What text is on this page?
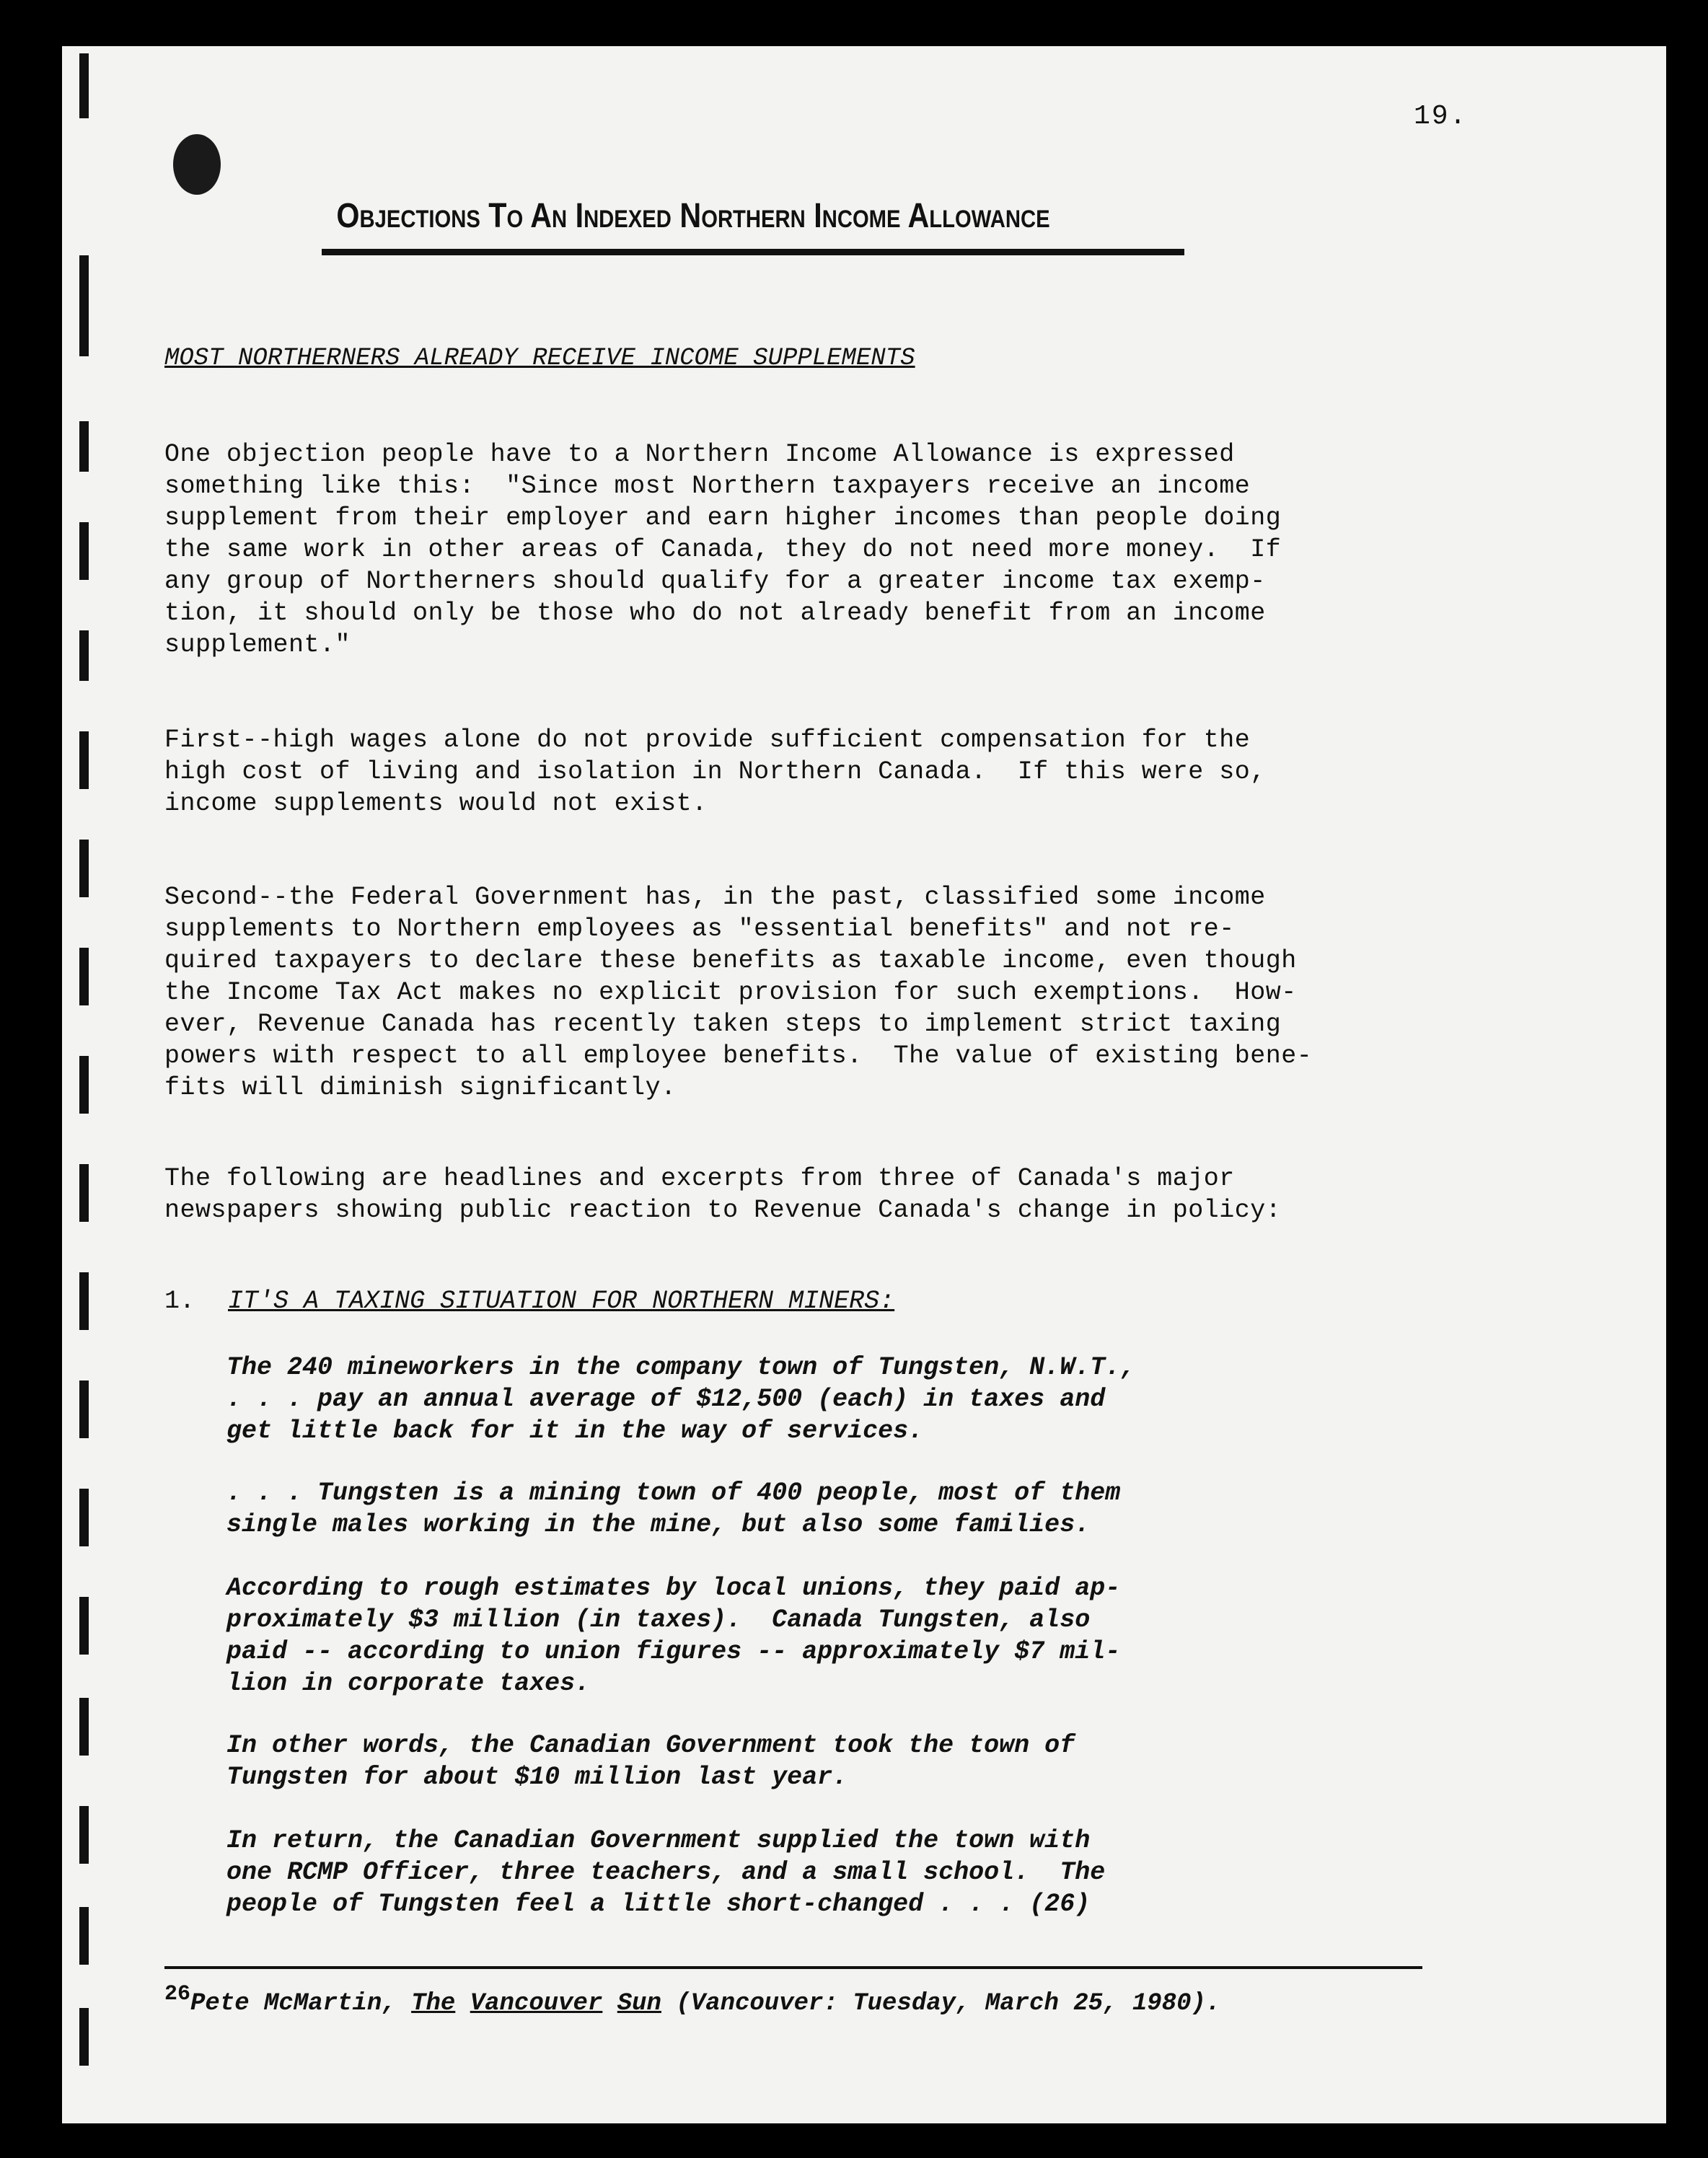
19.
Objections To An Indexed Northern Income Allowance
MOST NORTHERNERS ALREADY RECEIVE INCOME SUPPLEMENTS
One objection people have to a Northern Income Allowance is expressed
something like this:  "Since most Northern taxpayers receive an income
supplement from their employer and earn higher incomes than people doing
the same work in other areas of Canada, they do not need more money.  If
any group of Northerners should qualify for a greater income tax exemp-
tion, it should only be those who do not already benefit from an income
supplement."
First--high wages alone do not provide sufficient compensation for the
high cost of living and isolation in Northern Canada.  If this were so,
income supplements would not exist.
Second--the Federal Government has, in the past, classified some income
supplements to Northern employees as "essential benefits" and not re-
quired taxpayers to declare these benefits as taxable income, even though
the Income Tax Act makes no explicit provision for such exemptions.  How-
ever, Revenue Canada has recently taken steps to implement strict taxing
powers with respect to all employee benefits.  The value of existing bene-
fits will diminish significantly.
The following are headlines and excerpts from three of Canada's major
newspapers showing public reaction to Revenue Canada's change in policy:
1. IT'S A TAXING SITUATION FOR NORTHERN MINERS:
The 240 mineworkers in the company town of Tungsten, N.W.T.,
. . . pay an annual average of $12,500 (each) in taxes and
get little back for it in the way of services.
. . . Tungsten is a mining town of 400 people, most of them
single males working in the mine, but also some families.
According to rough estimates by local unions, they paid ap-
proximately $3 million (in taxes).  Canada Tungsten, also
paid -- according to union figures -- approximately $7 mil-
lion in corporate taxes.
In other words, the Canadian Government took the town of
Tungsten for about $10 million last year.
In return, the Canadian Government supplied the town with
one RCMP Officer, three teachers, and a small school.  The
people of Tungsten feel a little short-changed . . . (26)
26Pete McMartin, The Vancouver Sun (Vancouver: Tuesday, March 25, 1980).
